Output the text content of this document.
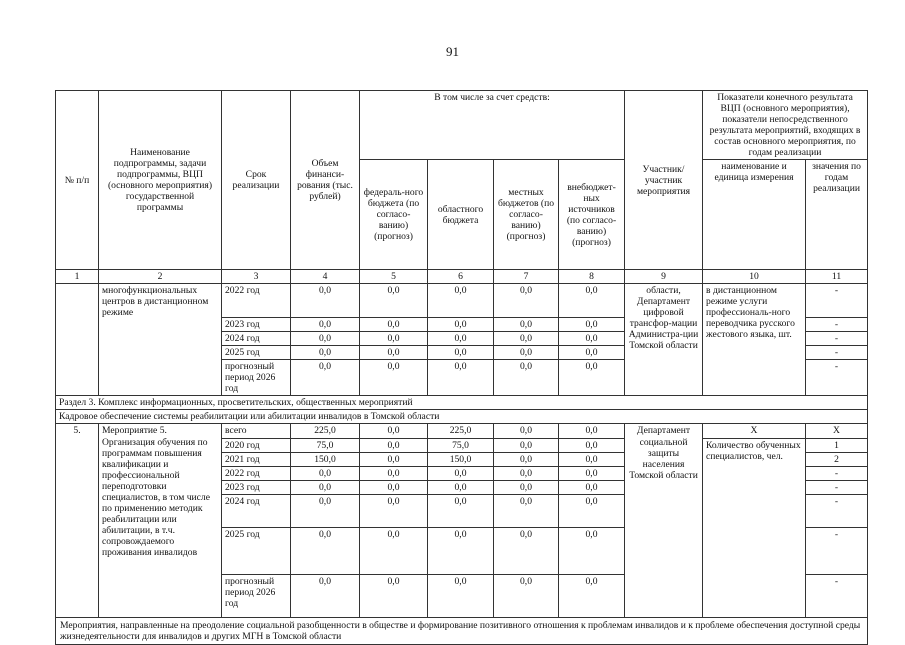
91
№ п/п	Наименование подпрограммы, задачи подпрограммы, ВЦП (основного мероприятия) государственной программы	Срок реализации	Объем финанси-рования (тыс. рублей)	В том числе за счет средств:				Участник/ участник мероприятия	Показатели конечного результата ВЦП (основного мероприятия), показатели непосредственного результата мероприятий, входящих в состав основного мероприятия, по годам реализации	
				федераль-ного бюджета (по согласо-ванию) (прогноз)	областного бюджета	местных бюджетов (по согласо-ванию) (прогноз)	внебюджет-ных источников (по согласо-ванию) (прогноз)		наименование и единица измерения	значения по годам реализации
1	2	3	4	5	6	7	8	9	10	11
	многофункциональных центров в дистанционном режиме	2022 год	0,0	0,0	0,0	0,0	0,0	области, Департамент цифровой трансфор-мации Администра-ции Томской области	в дистанционном режиме услуги профессиональ-ного переводчика русского жестового языка, шт.	-
		2023 год	0,0	0,0	0,0	0,0	0,0			-
		2024 год	0,0	0,0	0,0	0,0	0,0			-
		2025 год	0,0	0,0	0,0	0,0	0,0			-
		прогнозный период 2026 год	0,0	0,0	0,0	0,0	0,0			-
Раздел 3. Комплекс информационных, просветительских, общественных мероприятий										
Кадровое обеспечение системы реабилитации или абилитации инвалидов в Томской области										
5.	Мероприятие 5. Организация обучения по программам повышения квалификации и профессиональной переподготовки специалистов, в том числе по применению методик реабилитации или абилитации, в т.ч. сопровождаемого проживания инвалидов	всего	225,0	0,0	225,0	0,0	0,0	Департамент социальной защиты населения Томской области	Х	Х
		2020 год	75,0	0,0	75,0	0,0	0,0		Количество обученных специалистов, чел.	1
		2021 год	150,0	0,0	150,0	0,0	0,0			2
		2022 год	0,0	0,0	0,0	0,0	0,0			-
		2023 год	0,0	0,0	0,0	0,0	0,0			-
		2024 год	0,0	0,0	0,0	0,0	0,0			-
		2025 год	0,0	0,0	0,0	0,0	0,0			-
		прогнозный период 2026 год	0,0	0,0	0,0	0,0	0,0			-
Мероприятия, направленные на преодоление социальной разобщенности в обществе и формирование позитивного отношения к проблемам инвалидов и к проблеме обеспечения доступной среды жизнедеятельности для инвалидов и других МГН в Томской области										
